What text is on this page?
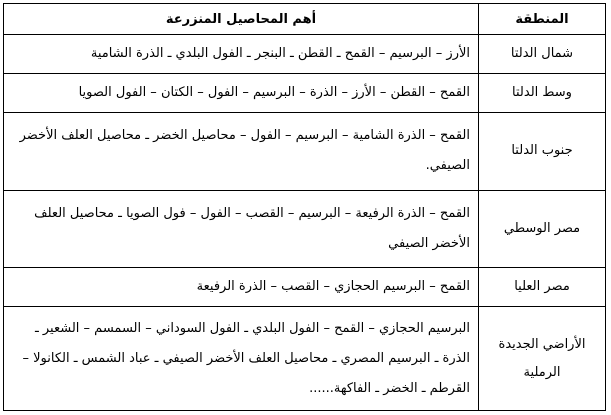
المنطقة	أهم المحاصيل المنزرعة
شمال الدلتا	الأرز – البرسيم – القمح ـ القطن ـ البنجر ـ الفول البلدي ـ الذرة الشامية
وسط الدلتا	القمح – القطن – الأرز – الذرة – البرسيم – الفول – الكتان – الفول الصويا
جنوب الدلتا	القمح – الذرة الشامية – البرسيم – الفول – محاصيل الخضر ـ محاصيل العلف الأخضر الصيفي.
مصر الوسطي	القمح – الذرة الرفيعة – البرسيم – القصب – الفول – فول الصويا ـ محاصيل العلف الأخضر الصيفي
مصر العليا	القمح – البرسيم الحجازي – القصب – الذرة الرفيعة
الأراضي الجديدة الرملية	البرسيم الحجازي – القمح – الفول البلدي ـ الفول السوداني – السمسم – الشعير ـ الذرة ـ البرسيم المصري ـ محاصيل العلف الأخضر الصيفي ـ عباد الشمس ـ الكانولا – القرطم ـ الخضر ـ الفاكهة......
